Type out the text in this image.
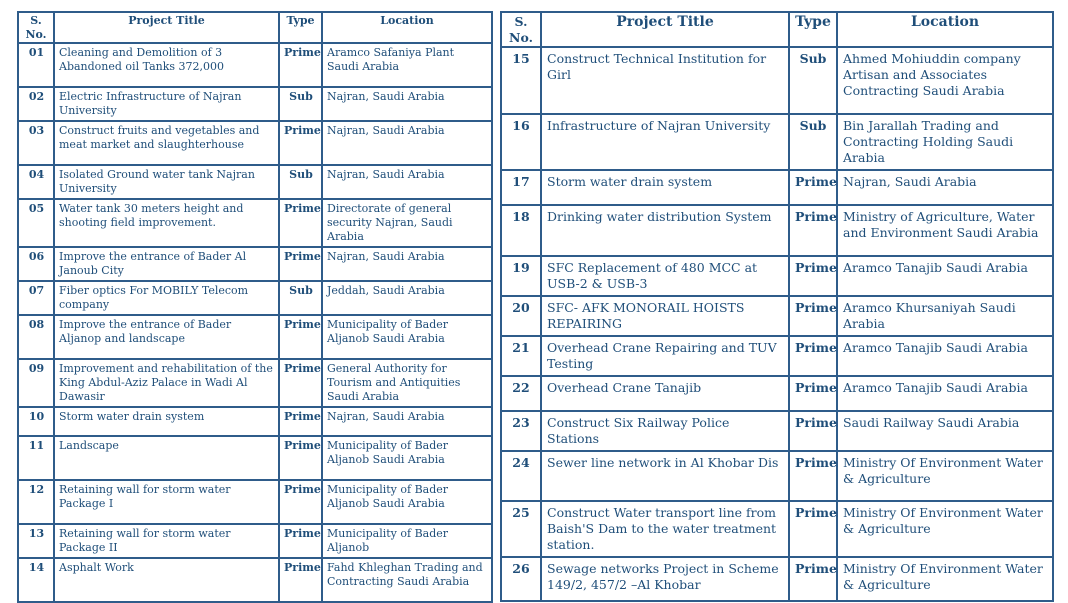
S. No.	Project Title	Type	Location
01	Cleaning and Demolition of 3 Abandoned oil Tanks 372,000	Prime	Aramco Safaniya Plant Saudi Arabia
02	Electric Infrastructure of Najran University	Sub	Najran, Saudi Arabia
03	Construct fruits and vegetables and meat market and slaughterhouse	Prime	Najran, Saudi Arabia
04	Isolated Ground water tank Najran University	Sub	Najran, Saudi Arabia
05	Water tank 30 meters height and shooting field improvement.	Prime	Directorate of general security Najran, Saudi Arabia
06	Improve the entrance of Bader Al Janoub City	Prime	Najran, Saudi Arabia
07	Fiber optics For MOBILY Telecom company	Sub	Jeddah, Saudi Arabia
08	Improve the entrance of Bader Aljanop and landscape	Prime	Municipality of Bader Aljanob Saudi Arabia
09	Improvement and rehabilitation of the King Abdul-Aziz Palace in Wadi Al Dawasir	Prime	General Authority for Tourism and Antiquities Saudi Arabia
10	Storm water drain system	Prime	Najran, Saudi Arabia
11	Landscape	Prime	Municipality of Bader Aljanob Saudi Arabia
12	Retaining wall for storm water Package I	Prime	Municipality of Bader Aljanob Saudi Arabia
13	Retaining wall for storm water Package II	Prime	Municipality of Bader Aljanob
14	Asphalt Work	Prime	Fahd Khleghan Trading and Contracting Saudi Arabia
S. No.	Project Title	Type	Location
15	Construct Technical Institution for Girl	Sub	Ahmed Mohiuddin company Artisan and Associates Contracting Saudi Arabia
16	Infrastructure of Najran University	Sub	Bin Jarallah Trading and Contracting Holding Saudi Arabia
17	Storm water drain system	Prime	Najran, Saudi Arabia
18	Drinking water distribution System	Prime	Ministry of Agriculture, Water and Environment Saudi Arabia
19	SFC Replacement of 480 MCC at USB-2 & USB-3	Prime	Aramco Tanajib Saudi Arabia
20	SFC- AFK MONORAIL HOISTS REPAIRING	Prime	Aramco Khursaniyah Saudi Arabia
21	Overhead Crane Repairing and TUV Testing	Prime	Aramco Tanajib Saudi Arabia
22	Overhead Crane Tanajib	Prime	Aramco Tanajib Saudi Arabia
23	Construct Six Railway Police Stations	Prime	Saudi Railway Saudi Arabia
24	Sewer line network in Al Khobar Dis	Prime	Ministry Of Environment Water & Agriculture
25	Construct Water transport line from Baish'S Dam to the water treatment station.	Prime	Ministry Of Environment Water & Agriculture
26	Sewage networks Project in Scheme 149/2, 457/2 –Al Khobar	Prime	Ministry Of Environment Water & Agriculture
